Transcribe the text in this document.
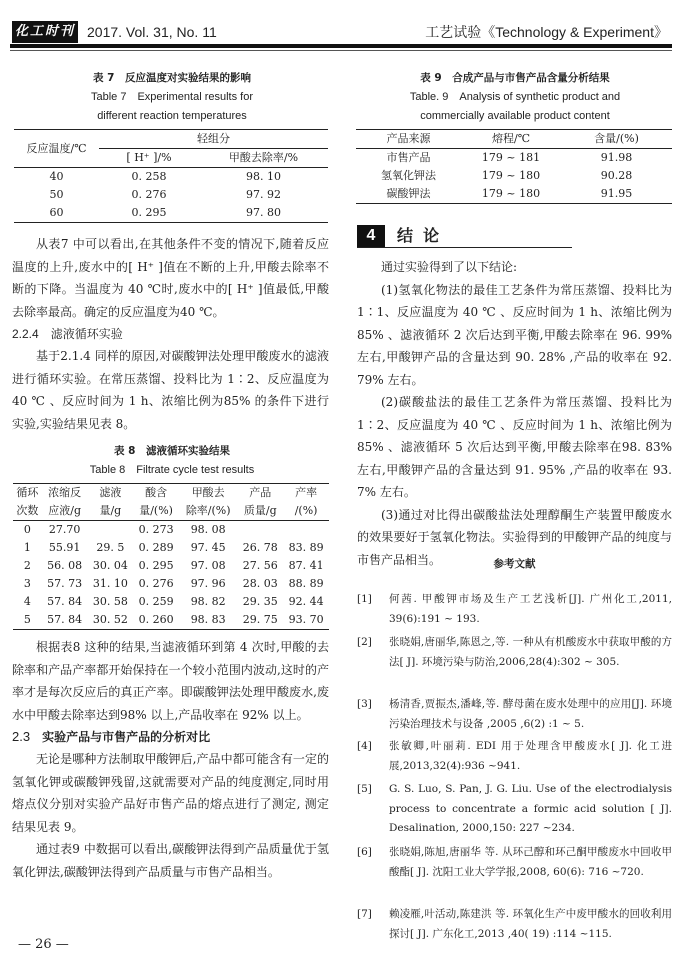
化工时刊 2017. Vol. 31, No. 11	工艺试验《Technology & Experiment》
表 7　反应温度对实验结果的影响
Table 7　Experimental results for
different reaction temperatures
反应温度/℃	轻组分	
	[ H⁺ ]/%	甲酸去除率/%
40	0. 258	98. 10
50	0. 276	97. 92
60	0. 295	97. 80

从表7 中可以看出,在其他条件不变的情况下,随着反应温度的上升,废水中的[ H⁺ ]值在不断的上升,甲酸去除率不断的下降。当温度为 40 ℃时,废水中的[ H⁺ ]值最低,甲酸去除率最高。确定的反应温度为40 ℃。

2.2.4  滤液循环实验

基于2.1.4 同样的原因,对碳酸钾法处理甲酸废水的滤液进行循环实验。在常压蒸馏、投料比为 1∶2、反应温度为 40 ℃ 、反应时间为 1 h、浓缩比例为85% 的条件下进行实验,实验结果见表 8。

表 8　滤液循环实验结果
Table 8　Filtrate cycle test results
循环	浓缩反	滤液	酸含	甲酸去	产品	产率
次数	应液/g	量/g	量/(%)	除率/(%)	质量/g	/(%)
0	27.70		0. 273	98. 08		
1	55.91	29. 5	0. 289	97. 45	26. 78	83. 89
2	56. 08	30. 04	0. 295	97. 08	27. 56	87. 41
3	57. 73	31. 10	0. 276	97. 96	28. 03	88. 89
4	57. 84	30. 58	0. 259	98. 82	29. 35	92. 44
5	57. 84	30. 52	0. 260	98. 83	29. 75	93. 70

根据表8 这种的结果,当滤液循环到第 4 次时,甲酸的去除率和产品产率都开始保持在一个较小范围内波动,这时的产率才是每次反应后的真正产率。即碳酸钾法处理甲酸废水,废水中甲酸去除率达到98% 以上,产品收率在 92% 以上。

2.3  实验产品与市售产品的分析对比

无论是哪种方法制取甲酸钾后,产品中都可能含有一定的氢氧化钾或碳酸钾残留,这就需要对产品的纯度测定,同时用熔点仪分别对实验产品好市售产品的熔点进行了测定, 测定结果见表 9。

通过表9 中数据可以看出,碳酸钾法得到产品质量优于氢氧化钾法,碳酸钾法得到产品质量与市售产品相当。

— 26 —
表 9　合成产品与市售产品含量分析结果
Table. 9　Analysis of synthetic product and
commercially available product content
产品来源	熔程/℃	含量/(%)
市售产品	179 ~ 181	91.98
氢氧化钾法	179 ~ 180	90.28
碳酸钾法	179 ~ 180	91.95
4 结论

通过实验得到了以下结论:

(1)氢氧化物法的最佳工艺条件为常压蒸馏、投料比为 1∶1、反应温度为 40 ℃ 、反应时间为 1 h、浓缩比例为 85% 、滤液循环 2 次后达到平衡,甲酸去除率在 96. 99% 左右,甲酸钾产品的含量达到 90. 28% ,产品的收率在 92. 79% 左右。

(2)碳酸盐法的最佳工艺条件为常压蒸馏、投料比为 1∶2、反应温度为 40 ℃ 、反应时间为 1 h、浓缩比例为 85% 、滤液循环 5 次后达到平衡,甲酸去除率在98. 83% 左右,甲酸钾产品的含量达到 91. 95% ,产品的收率在 93. 7% 左右。

(3)通过对比得出碳酸盐法处理醇酮生产装置甲酸废水的效果要好于氢氧化物法。实验得到的甲酸钾产品的纯度与市售产品相当。	参考文献
[1]	何茜. 甲酸钾市场及生产工艺浅析[J]. 广州化工,2011, 39(6):191 ~ 193.
[2]	张晓娟,唐丽华,陈恩之,等. 一种从有机酸废水中获取甲酸的方法[ J]. 环境污染与防治,2006,28(4):302 ~ 305.
[3]	杨清香,贾振杰,潘峰,等. 酵母菌在废水处理中的应用[J]. 环境污染治理技术与设备 ,2005 ,6(2) :1 ~ 5.
[4]	张敏卿,叶丽莉. EDI 用于处理含甲酸废水[ J]. 化工进展,2013,32(4):936 ~941.
[5]	G. S. Luo, S. Pan, J. G. Liu. Use of the electrodialysis process to concentrate a formic acid solution [ J]. Desalination, 2000,150: 227 ~234.
[6]	张晓娟,陈旭,唐丽华 等. 从环己醇和环己酮甲酸废水中回收甲酸酯[ J]. 沈阳工业大学学报,2008, 60(6): 716 ~720.
[7]	赖凌雁,叶活动,陈建洪 等. 环氧化生产中废甲酸水的回收利用探讨[ J]. 广东化工,2013 ,40( 19) :114 ~115.
